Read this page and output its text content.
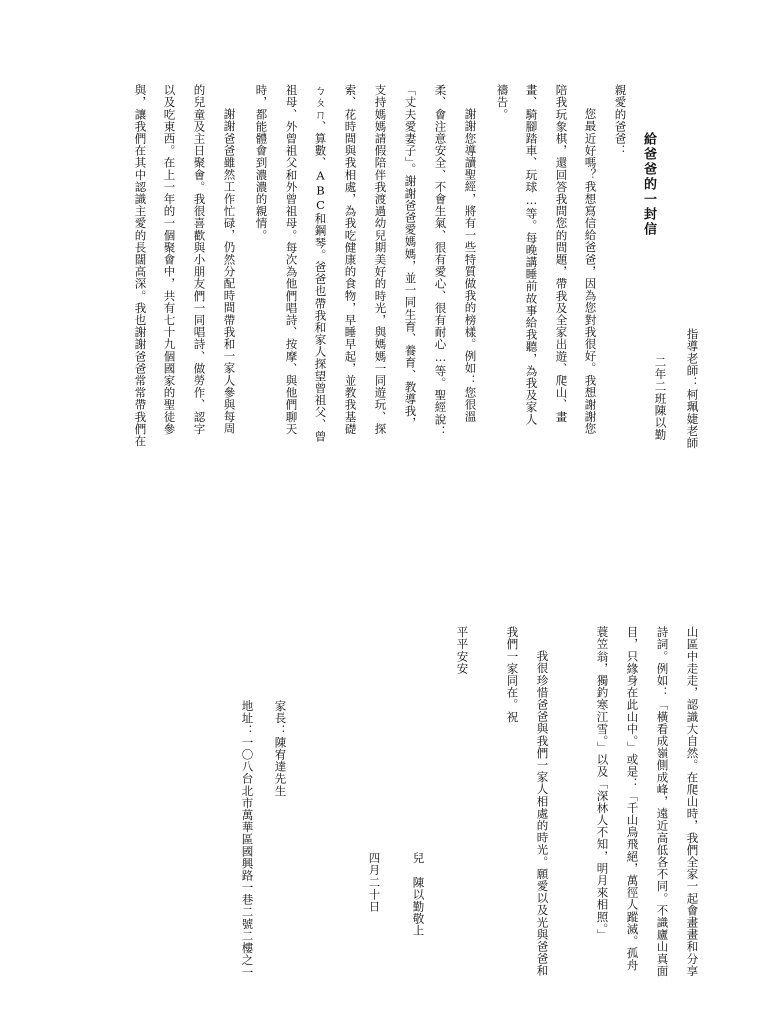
給爸爸的一封信
指導老師：柯珮婕老師
二年二班陳以勤
親愛的爸爸：
您最近好嗎？我想寫信給爸爸，因為您對我很好。我想謝謝您
陪我玩象棋，還回答我問您的問題，帶我及全家出遊、爬山、畫
畫、騎腳踏車、玩球…等。每晚講睡前故事給我聽，為我及家人
禱告。
謝謝您導讀聖經，將有一些特質做我的榜樣。例如：您很溫
柔、會注意安全、不會生氣、很有愛心、很有耐心…等。聖經說：
「丈夫愛妻子」。謝謝爸爸愛媽媽，並一同生育、養育、教導我，
支持媽媽請假陪伴我渡過幼兒期美好的時光，與媽媽一同遊玩、探
索、花時間與我相處，為我吃健康的食物，早睡早起，並教我基礎
ㄅㄆㄇ、算數、ABC和鋼琴。爸爸也帶我和家人探望曾祖父、曾
祖母、外曾祖父和外曾祖母。每次為他們唱詩、按摩、與他們聊天
時，都能體會到濃濃的親情。
謝謝爸爸雖然工作忙碌，仍然分配時間帶我和一家人參與每周
的兒童及主日聚會。我很喜歡與小朋友們一同唱詩、做勞作、認字
以及吃東西。在上一年的一個聚會中，共有七十九個國家的聖徒參
與，讓我們在其中認識主愛的長闊高深。我也謝謝爸爸常常帶我們在
山區中走走，認識大自然。在爬山時，我們全家一起會畫畫和分享
詩詞。例如：「橫看成嶺側成峰，遠近高低各不同。不識廬山真面
目，只緣身在此山中。」或是：「千山鳥飛絕，萬徑人蹤滅。孤舟
蓑笠翁，獨釣寒江雪。」以及「深林人不知，明月來相照。」
我很珍惜爸爸與我們一家人相處的時光。願愛以及光與爸爸和
我們一家同在。祝
平平安安
兒　陳以勤敬上
四月二十日
家長：陳宥達先生
地址：一〇八台北市萬華區國興路一巷二號二樓之一
